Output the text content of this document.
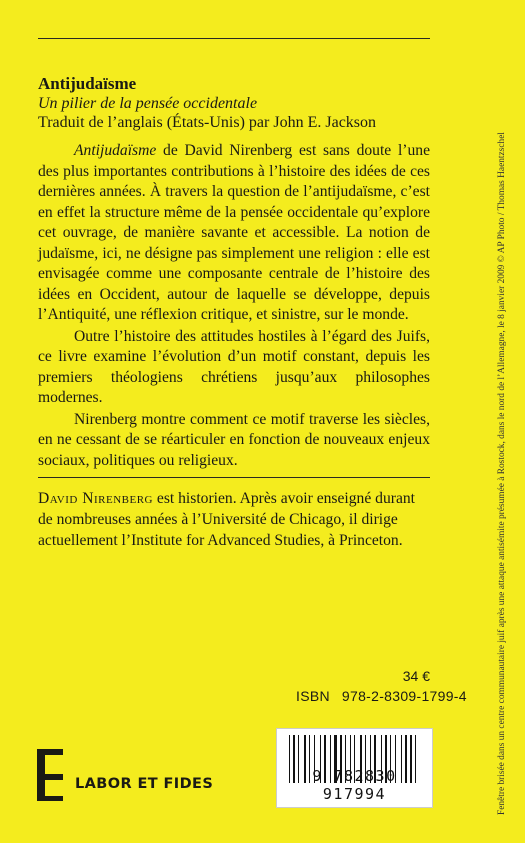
Antijudaïsme
Un pilier de la pensée occidentale
Traduit de l’anglais (États-Unis) par John E. Jackson

Antijudaïsme de David Nirenberg est sans doute l’une des plus importantes contributions à l’histoire des idées de ces dernières années. À travers la question de l’antijudaïsme, c’est en effet la structure même de la pensée occidentale qu’explore cet ouvrage, de manière savante et accessible. La notion de judaïsme, ici, ne désigne pas simplement une religion : elle est envisagée comme une composante centrale de l’histoire des idées en Occident, autour de laquelle se développe, depuis l’Antiquité, une réflexion critique, et sinistre, sur le monde.

Outre l’histoire des attitudes hostiles à l’égard des Juifs, ce livre examine l’évolution d’un motif constant, depuis les premiers théologiens chrétiens jusqu’aux philosophes modernes.

Nirenberg montre comment ce motif traverse les siècles, en ne cessant de se réarticuler en fonction de nouveaux enjeux sociaux, politiques ou religieux.

David Nirenberg est historien. Après avoir enseigné durant de nombreuses années à l’Université de Chicago, il dirige actuellement l’Institute for Advanced Studies, à Princeton.
34 €
ISBN 978-2-8309-1799-4
9 782830 917994
LABOR ET FIDES	Fenêtre brisée dans un centre communautaire juif après une attaque antisémite présumée à Rostock, dans le nord de l’Allemagne, le 8 janvier 2009 © AP Photo / Thomas Haentzschel
